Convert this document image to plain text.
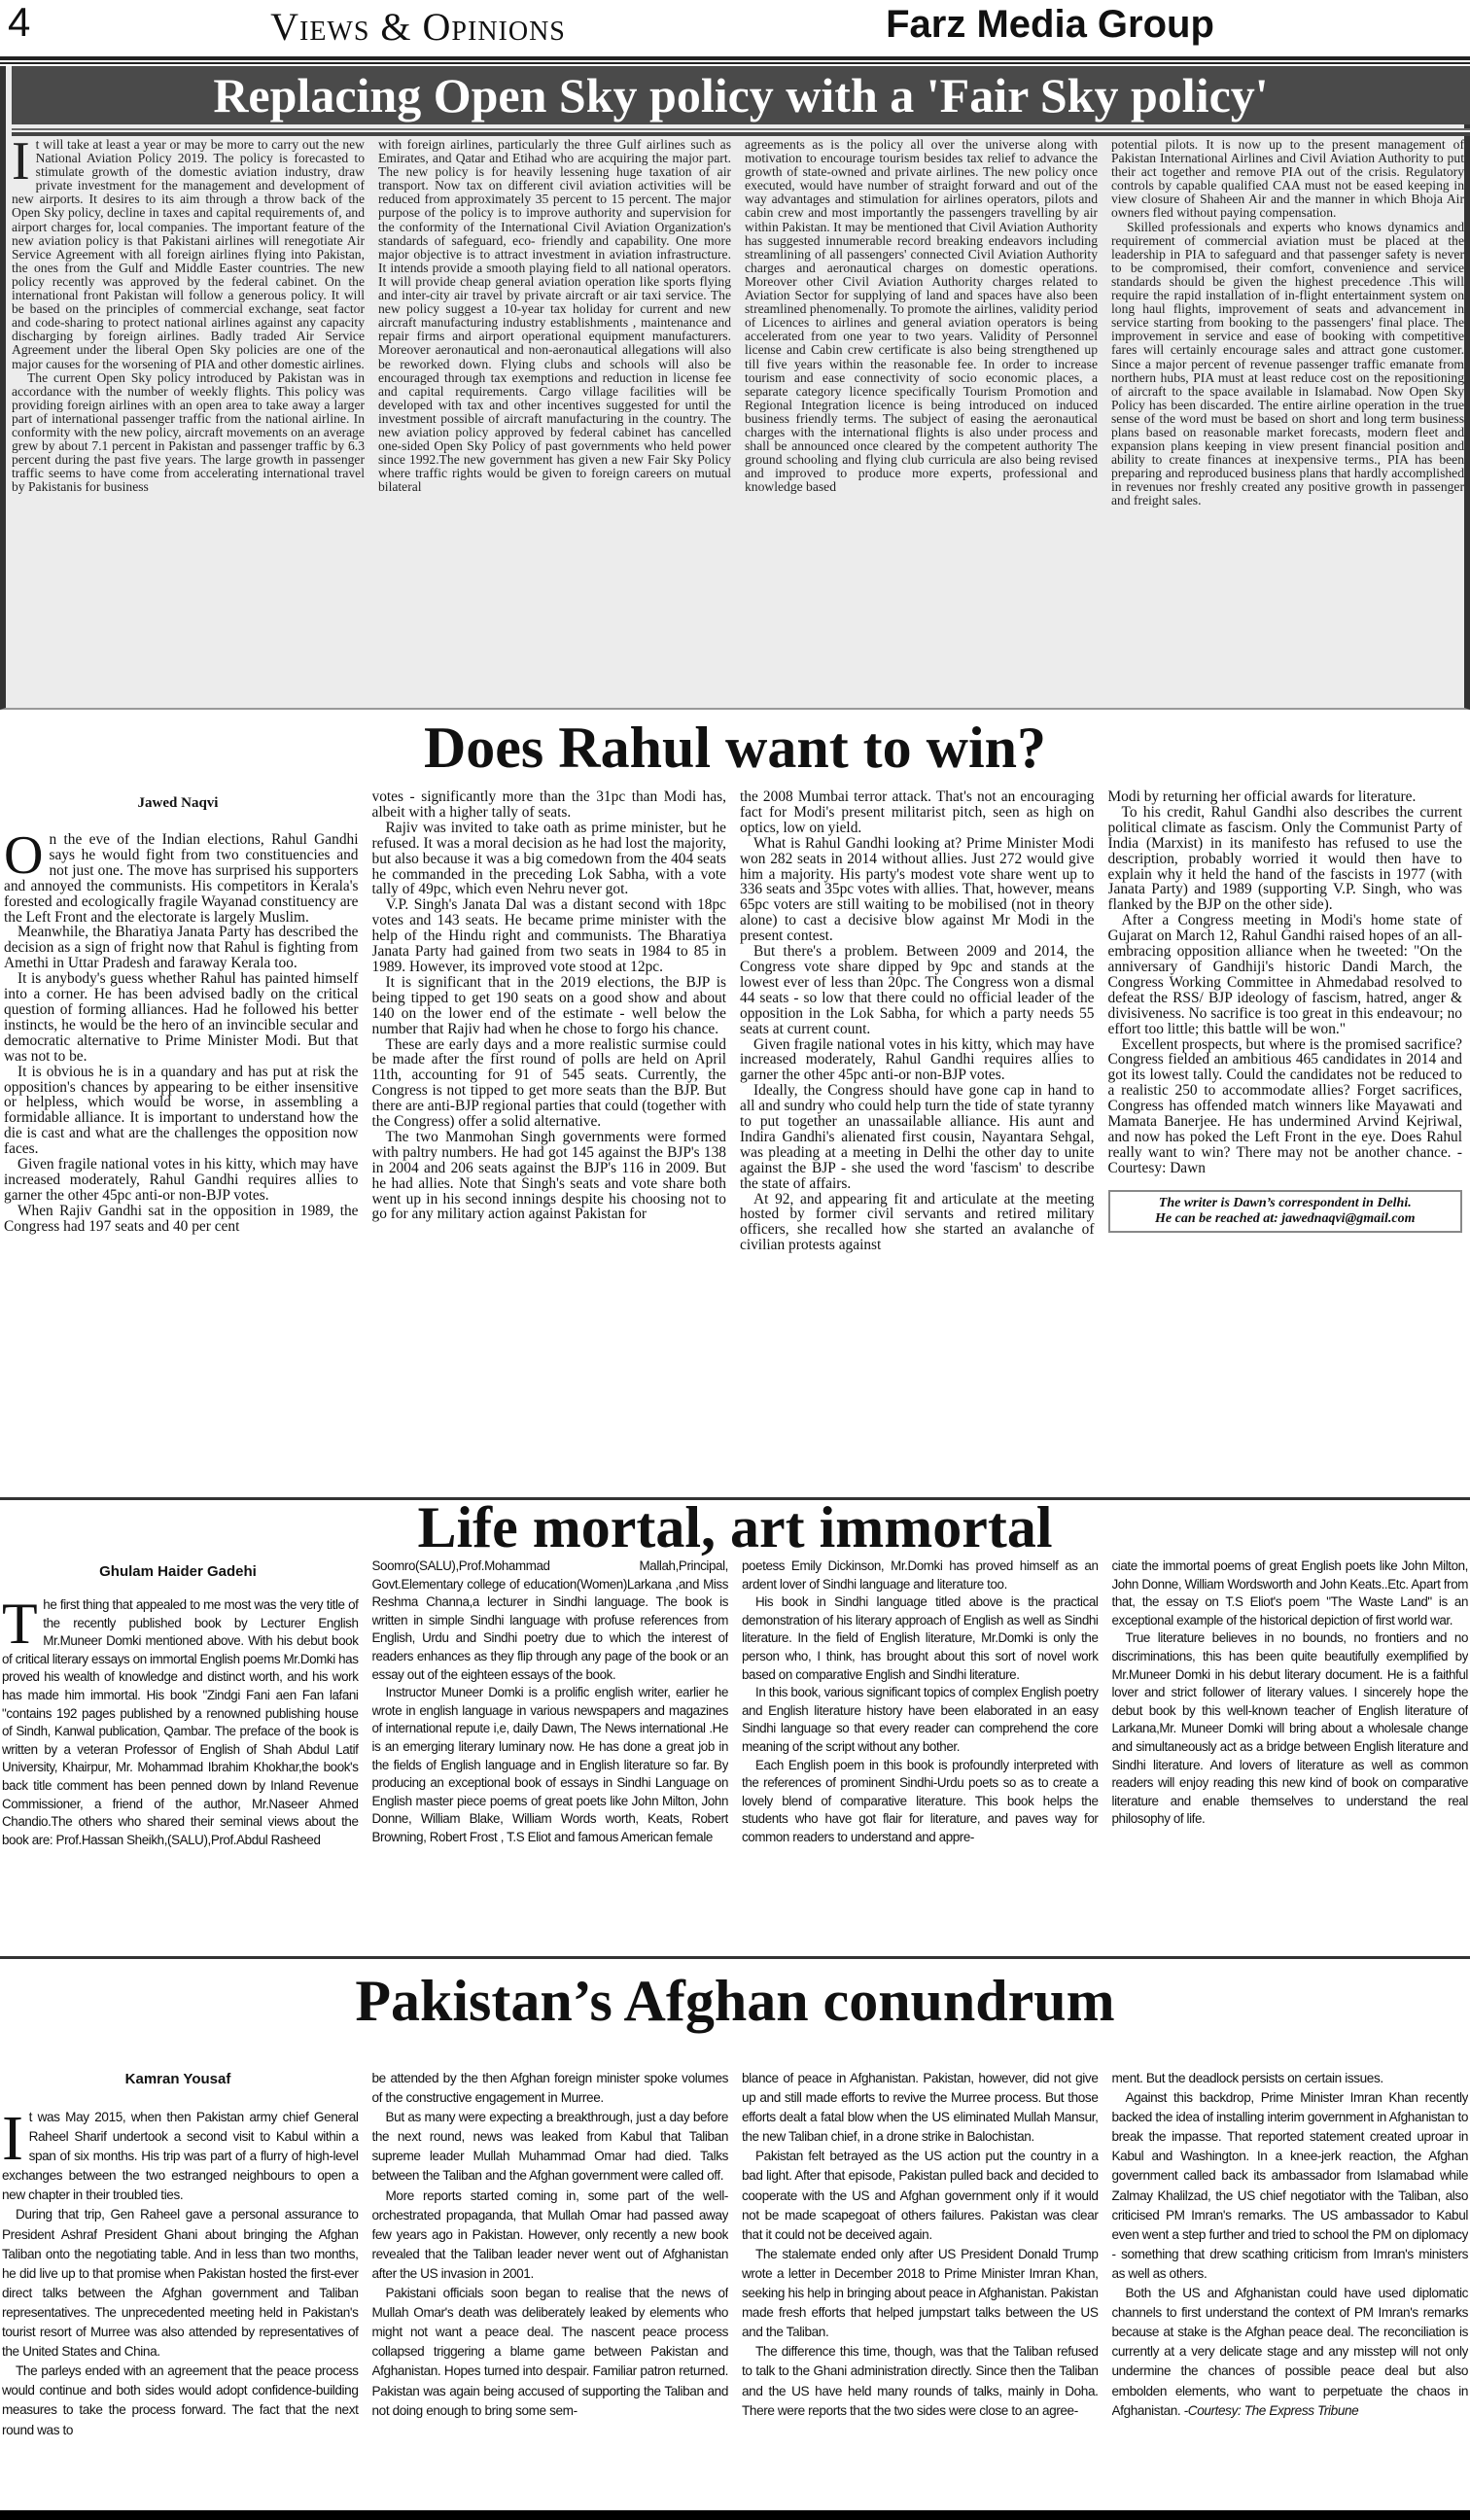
4	Views & Opinions	Farz Media Group
Replacing Open Sky policy with a 'Fair Sky policy'

It will take at least a year or may be more to carry out the new National Aviation Policy 2019. The policy is forecasted to stimulate growth of the domestic aviation industry, draw private investment for the management and development of new airports. It desires to its aim through a throw back of the Open Sky policy, decline in taxes and capital requirements of, and airport charges for, local companies. The important feature of the new aviation policy is that Pakistani airlines will renegotiate Air Service Agreement with all foreign airlines flying into Pakistan, the ones from the Gulf and Middle Easter countries. The new policy recently was approved by the federal cabinet. On the international front Pakistan will follow a generous policy. It will be based on the principles of commercial exchange, seat factor and code-sharing to protect national airlines against any capacity discharging by foreign airlines. Badly traded Air Service Agreement under the liberal Open Sky policies are one of the major causes for the worsening of PIA and other domestic airlines.

The current Open Sky policy introduced by Pakistan was in accordance with the number of weekly flights. This policy was providing foreign airlines with an open area to take away a larger part of international passenger traffic from the national airline. In conformity with the new policy, aircraft movements on an average grew by about 7.1 percent in Pakistan and passenger traffic by 6.3 percent during the past five years. The large growth in passenger traffic seems to have come from accelerating international travel by Pakistanis for business

with foreign airlines, particularly the three Gulf airlines such as Emirates, and Qatar and Etihad who are acquiring the major part. The new policy is for heavily lessening huge taxation of air transport. Now tax on different civil aviation activities will be reduced from approximately 35 percent to 15 percent. The major purpose of the policy is to improve authority and supervision for the conformity of the International Civil Aviation Organization's standards of safeguard, eco- friendly and capability. One more major objective is to attract investment in aviation infrastructure. It intends provide a smooth playing field to all national operators. It will provide cheap general aviation operation like sports flying and inter-city air travel by private aircraft or air taxi service. The new policy suggest a 10-year tax holiday for current and new aircraft manufacturing industry establishments , maintenance and repair firms and airport operational equipment manufacturers. Moreover aeronautical and non-aeronautical allegations will also be reworked down. Flying clubs and schools will also be encouraged through tax exemptions and reduction in license fee and capital requirements. Cargo village facilities will be developed with tax and other incentives suggested for until the investment possible of aircraft manufacturing in the country. The new aviation policy approved by federal cabinet has cancelled one-sided Open Sky Policy of past governments who held power since 1992.The new government has given a new Fair Sky Policy where traffic rights would be given to foreign careers on mutual bilateral

agreements as is the policy all over the universe along with motivation to encourage tourism besides tax relief to advance the growth of state-owned and private airlines. The new policy once executed, would have number of straight forward and out of the way advantages and stimulation for airlines operators, pilots and cabin crew and most importantly the passengers travelling by air within Pakistan. It may be mentioned that Civil Aviation Authority has suggested innumerable record breaking endeavors including streamlining of all passengers' connected Civil Aviation Authority charges and aeronautical charges on domestic operations. Moreover other Civil Aviation Authority charges related to Aviation Sector for supplying of land and spaces have also been streamlined phenomenally. To promote the airlines, validity period of Licences to airlines and general aviation operators is being accelerated from one year to two years. Validity of Personnel license and Cabin crew certificate is also being strengthened up till five years within the reasonable fee. In order to increase tourism and ease connectivity of socio economic places, a separate category licence specifically Tourism Promotion and Regional Integration licence is being introduced on induced business friendly terms. The subject of easing the aeronautical charges with the international flights is also under process and shall be announced once cleared by the competent authority The ground schooling and flying club curricula are also being revised and improved to produce more experts, professional and knowledge based

potential pilots. It is now up to the present management of Pakistan International Airlines and Civil Aviation Authority to put their act together and remove PIA out of the crisis. Regulatory controls by capable qualified CAA must not be eased keeping in view closure of Shaheen Air and the manner in which Bhoja Air owners fled without paying compensation.

Skilled professionals and experts who knows dynamics and requirement of commercial aviation must be placed at the leadership in PIA to safeguard and that passenger safety is never to be compromised, their comfort, convenience and service standards should be given the highest precedence .This will require the rapid installation of in-flight entertainment system on long haul flights, improvement of seats and advancement in service starting from booking to the passengers' final place. The improvement in service and ease of booking with competitive fares will certainly encourage sales and attract gone customer. Since a major percent of revenue passenger traffic emanate from northern hubs, PIA must at least reduce cost on the repositioning of aircraft to the space available in Islamabad. Now Open Sky Policy has been discarded. The entire airline operation in the true sense of the word must be based on short and long term business plans based on reasonable market forecasts, modern fleet and expansion plans keeping in view present financial position and ability to create finances at inexpensive terms., PIA has been preparing and reproduced business plans that hardly accomplished in revenues nor freshly created any positive growth in passenger and freight sales.

Does Rahul want to win?
Jawed Naqvi

On the eve of the Indian elections, Rahul Gandhi says he would fight from two constituencies and not just one. The move has surprised his supporters and annoyed the communists. His competitors in Kerala's forested and ecologically fragile Wayanad constituency are the Left Front and the electorate is largely Muslim.

Meanwhile, the Bharatiya Janata Party has described the decision as a sign of fright now that Rahul is fighting from Amethi in Uttar Pradesh and faraway Kerala too.

It is anybody's guess whether Rahul has painted himself into a corner. He has been advised badly on the critical question of forming alliances. Had he followed his better instincts, he would be the hero of an invincible secular and democratic alternative to Prime Minister Modi. But that was not to be.

It is obvious he is in a quandary and has put at risk the opposition's chances by appearing to be either insensitive or helpless, which would be worse, in assembling a formidable alliance. It is important to understand how the die is cast and what are the challenges the opposition now faces.

Given fragile national votes in his kitty, which may have increased moderately, Rahul Gandhi requires allies to garner the other 45pc anti-or non-BJP votes.

When Rajiv Gandhi sat in the opposition in 1989, the Congress had 197 seats and 40 per cent

votes - significantly more than the 31pc than Modi has, albeit with a higher tally of seats.

Rajiv was invited to take oath as prime minister, but he refused. It was a moral decision as he had lost the majority, but also because it was a big comedown from the 404 seats he commanded in the preceding Lok Sabha, with a vote tally of 49pc, which even Nehru never got.

V.P. Singh's Janata Dal was a distant second with 18pc votes and 143 seats. He became prime minister with the help of the Hindu right and communists. The Bharatiya Janata Party had gained from two seats in 1984 to 85 in 1989. However, its improved vote stood at 12pc.

It is significant that in the 2019 elections, the BJP is being tipped to get 190 seats on a good show and about 140 on the lower end of the estimate - well below the number that Rajiv had when he chose to forgo his chance.

These are early days and a more realistic surmise could be made after the first round of polls are held on April 11th, accounting for 91 of 545 seats. Currently, the Congress is not tipped to get more seats than the BJP. But there are anti-BJP regional parties that could (together with the Congress) offer a solid alternative.

The two Manmohan Singh governments were formed with paltry numbers. He had got 145 against the BJP's 138 in 2004 and 206 seats against the BJP's 116 in 2009. But he had allies. Note that Singh's seats and vote share both went up in his second innings despite his choosing not to go for any military action against Pakistan for

the 2008 Mumbai terror attack. That's not an encouraging fact for Modi's present militarist pitch, seen as high on optics, low on yield.

What is Rahul Gandhi looking at? Prime Minister Modi won 282 seats in 2014 without allies. Just 272 would give him a majority. His party's modest vote share went up to 336 seats and 35pc votes with allies. That, however, means 65pc voters are still waiting to be mobilised (not in theory alone) to cast a decisive blow against Mr Modi in the present contest.

But there's a problem. Between 2009 and 2014, the Congress vote share dipped by 9pc and stands at the lowest ever of less than 20pc. The Congress won a dismal 44 seats - so low that there could no official leader of the opposition in the Lok Sabha, for which a party needs 55 seats at current count.

Given fragile national votes in his kitty, which may have increased moderately, Rahul Gandhi requires allies to garner the other 45pc anti-or non-BJP votes.

Ideally, the Congress should have gone cap in hand to all and sundry who could help turn the tide of state tyranny to put together an unassailable alliance. His aunt and Indira Gandhi's alienated first cousin, Nayantara Sehgal, was pleading at a meeting in Delhi the other day to unite against the BJP - she used the word 'fascism' to describe the state of affairs.

At 92, and appearing fit and articulate at the meeting hosted by former civil servants and retired military officers, she recalled how she started an avalanche of civilian protests against

Modi by returning her official awards for literature.

To his credit, Rahul Gandhi also describes the current political climate as fascism. Only the Communist Party of India (Marxist) in its manifesto has refused to use the description, probably worried it would then have to explain why it held the hand of the fascists in 1977 (with Janata Party) and 1989 (supporting V.P. Singh, who was flanked by the BJP on the other side).

After a Congress meeting in Modi's home state of Gujarat on March 12, Rahul Gandhi raised hopes of an all-embracing opposition alliance when he tweeted: "On the anniversary of Gandhiji's historic Dandi March, the Congress Working Committee in Ahmedabad resolved to defeat the RSS/ BJP ideology of fascism, hatred, anger & divisiveness. No sacrifice is too great in this endeavour; no effort too little; this battle will be won."

Excellent prospects, but where is the promised sacrifice? Congress fielded an ambitious 465 candidates in 2014 and got its lowest tally. Could the candidates not be reduced to a realistic 250 to accommodate allies? Forget sacrifices, Congress has offended match winners like Mayawati and Mamata Banerjee. He has undermined Arvind Kejriwal, and now has poked the Left Front in the eye. Does Rahul really want to win? There may not be another chance. -Courtesy: Dawn

The writer is Dawn’s correspondent in Delhi.
He can be reached at: jawednaqvi@gmail.com
Life mortal, art immortal
Ghulam Haider Gadehi

The first thing that appealed to me most was the very title of the recently published book by Lecturer English Mr.Muneer Domki mentioned above. With his debut book of critical literary essays on immortal English poems Mr.Domki has proved his wealth of knowledge and distinct worth, and his work has made him immortal. His book "Zindgi Fani aen Fan lafani "contains 192 pages published by a renowned publishing house of Sindh, Kanwal publication, Qambar. The preface of the book is written by a veteran Professor of English of Shah Abdul Latif University, Khairpur, Mr. Mohammad Ibrahim Khokhar,the book's back title comment has been penned down by Inland Revenue Commissioner, a friend of the author, Mr.Naseer Ahmed Chandio.The others who shared their seminal views about the book are: Prof.Hassan Sheikh,(SALU),Prof.Abdul Rasheed

Soomro(SALU),Prof.Mohammad Mallah,Principal, Govt.Elementary college of education(Women)Larkana ,and Miss Reshma Channa,a lecturer in Sindhi language. The book is written in simple Sindhi language with profuse references from English, Urdu and Sindhi poetry due to which the interest of readers enhances as they flip through any page of the book or an essay out of the eighteen essays of the book.

Instructor Muneer Domki is a prolific english writer, earlier he wrote in english language in various newspapers and magazines of international repute i,e, daily Dawn, The News international .He is an emerging literary luminary now. He has done a great job in the fields of English language and in English literature so far. By producing an exceptional book of essays in Sindhi Language on English master piece poems of great poets like John Milton, John Donne, William Blake, William Words worth, Keats, Robert Browning, Robert Frost , T.S Eliot and famous American female

poetess Emily Dickinson, Mr.Domki has proved himself as an ardent lover of Sindhi language and literature too.

His book in Sindhi language titled above is the practical demonstration of his literary approach of English as well as Sindhi literature. In the field of English literature, Mr.Domki is only the person who, I think, has brought about this sort of novel work based on comparative English and Sindhi literature.

In this book, various significant topics of complex English poetry and English literature history have been elaborated in an easy Sindhi language so that every reader can comprehend the core meaning of the script without any bother.

Each English poem in this book is profoundly interpreted with the references of prominent Sindhi-Urdu poets so as to create a lovely blend of comparative literature. This book helps the students who have got flair for literature, and paves way for common readers to understand and appre-

ciate the immortal poems of great English poets like John Milton, John Donne, William Wordsworth and John Keats..Etc. Apart from that, the essay on T.S Eliot's poem "The Waste Land" is an exceptional example of the historical depiction of first world war.

True literature believes in no bounds, no frontiers and no discriminations, this has been quite beautifully exemplified by Mr.Muneer Domki in his debut literary document. He is a faithful lover and strict follower of literary values. I sincerely hope the debut book by this well-known teacher of English literature of Larkana,Mr. Muneer Domki will bring about a wholesale change and simultaneously act as a bridge between English literature and Sindhi literature. And lovers of literature as well as common readers will enjoy reading this new kind of book on comparative literature and enable themselves to understand the real philosophy of life.

Pakistan’s Afghan conundrum
Kamran Yousaf

It was May 2015, when then Pakistan army chief General Raheel Sharif undertook a second visit to Kabul within a span of six months. His trip was part of a flurry of high-level exchanges between the two estranged neighbours to open a new chapter in their troubled ties.

During that trip, Gen Raheel gave a personal assurance to President Ashraf President Ghani about bringing the Afghan Taliban onto the negotiating table. And in less than two months, he did live up to that promise when Pakistan hosted the first-ever direct talks between the Afghan government and Taliban representatives. The unprecedented meeting held in Pakistan's tourist resort of Murree was also attended by representatives of the United States and China.

The parleys ended with an agreement that the peace process would continue and both sides would adopt confidence-building measures to take the process forward. The fact that the next round was to

be attended by the then Afghan foreign minister spoke volumes of the constructive engagement in Murree.

But as many were expecting a breakthrough, just a day before the next round, news was leaked from Kabul that Taliban supreme leader Mullah Muhammad Omar had died. Talks between the Taliban and the Afghan government were called off.

More reports started coming in, some part of the well-orchestrated propaganda, that Mullah Omar had passed away few years ago in Pakistan. However, only recently a new book revealed that the Taliban leader never went out of Afghanistan after the US invasion in 2001.

Pakistani officials soon began to realise that the news of Mullah Omar's death was deliberately leaked by elements who might not want a peace deal. The nascent peace process collapsed triggering a blame game between Pakistan and Afghanistan. Hopes turned into despair. Familiar patron returned. Pakistan was again being accused of supporting the Taliban and not doing enough to bring some sem-

blance of peace in Afghanistan. Pakistan, however, did not give up and still made efforts to revive the Murree process. But those efforts dealt a fatal blow when the US eliminated Mullah Mansur, the new Taliban chief, in a drone strike in Balochistan.

Pakistan felt betrayed as the US action put the country in a bad light. After that episode, Pakistan pulled back and decided to cooperate with the US and Afghan government only if it would not be made scapegoat of others failures. Pakistan was clear that it could not be deceived again.

The stalemate ended only after US President Donald Trump wrote a letter in December 2018 to Prime Minister Imran Khan, seeking his help in bringing about peace in Afghanistan. Pakistan made fresh efforts that helped jumpstart talks between the US and the Taliban.

The difference this time, though, was that the Taliban refused to talk to the Ghani administration directly. Since then the Taliban and the US have held many rounds of talks, mainly in Doha. There were reports that the two sides were close to an agree-

ment. But the deadlock persists on certain issues.

Against this backdrop, Prime Minister Imran Khan recently backed the idea of installing interim government in Afghanistan to break the impasse. That reported statement created uproar in Kabul and Washington. In a knee-jerk reaction, the Afghan government called back its ambassador from Islamabad while Zalmay Khalilzad, the US chief negotiator with the Taliban, also criticised PM Imran's remarks. The US ambassador to Kabul even went a step further and tried to school the PM on diplomacy - something that drew scathing criticism from Imran's ministers as well as others.

Both the US and Afghanistan could have used diplomatic channels to first understand the context of PM Imran's remarks because at stake is the Afghan peace deal. The reconciliation is currently at a very delicate stage and any misstep will not only undermine the chances of possible peace deal but also embolden elements, who want to perpetuate the chaos in Afghanistan. -Courtesy: The Express Tribune
